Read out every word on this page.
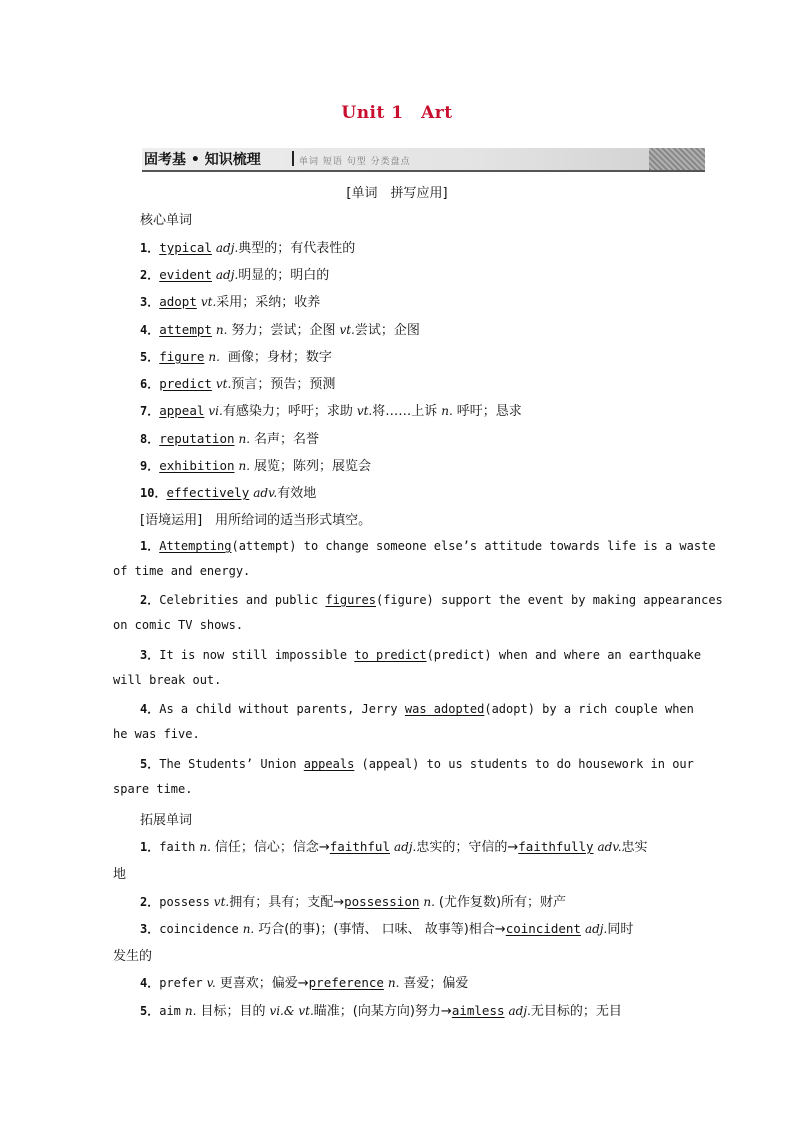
Unit 1　Art
固考基 • 知识梳理	单词 短语 句型 分类盘点
[单词　拼写应用]
核心单词
1．typical adj.典型的；有代表性的
2．evident adj.明显的；明白的
3．adopt vt.采用；采纳；收养
4．attempt n. 努力；尝试；企图 vt.尝试；企图
5．figure n. 画像；身材；数字
6．predict vt.预言；预告；预测
7．appeal vi.有感染力；呼吁；求助 vt.将……上诉 n. 呼吁；恳求
8．reputation n. 名声；名誉
9．exhibition n. 展览；陈列；展览会
10．effectively adv.有效地
[语境运用]　用所给词的适当形式填空。
1．Attempting(attempt) to change someone else’s attitude towards life is a waste
of time and energy.
2．Celebrities and public figures(figure) support the event by making appearances
on comic TV shows.
3．It is now still impossible to predict(predict) when and where an earthquake
will break out.
4．As a child without parents, Jerry was adopted(adopt) by a rich couple when
he was five.
5．The Students’ Union appeals (appeal) to us students to do housework in our
spare time.
拓展单词
1．faith n. 信任；信心；信念→faithful adj.忠实的；守信的→faithfully adv.忠实
地
2．possess vt.拥有；具有；支配→possession n. (尤作复数)所有；财产
3．coincidence n. 巧合(的事)；(事情、 口味、 故事等)相合→coincident adj.同时
发生的
4．prefer v. 更喜欢；偏爱→preference n. 喜爱；偏爱
5．aim n. 目标；目的 vi.& vt.瞄准；(向某方向)努力→aimless adj.无目标的；无目
